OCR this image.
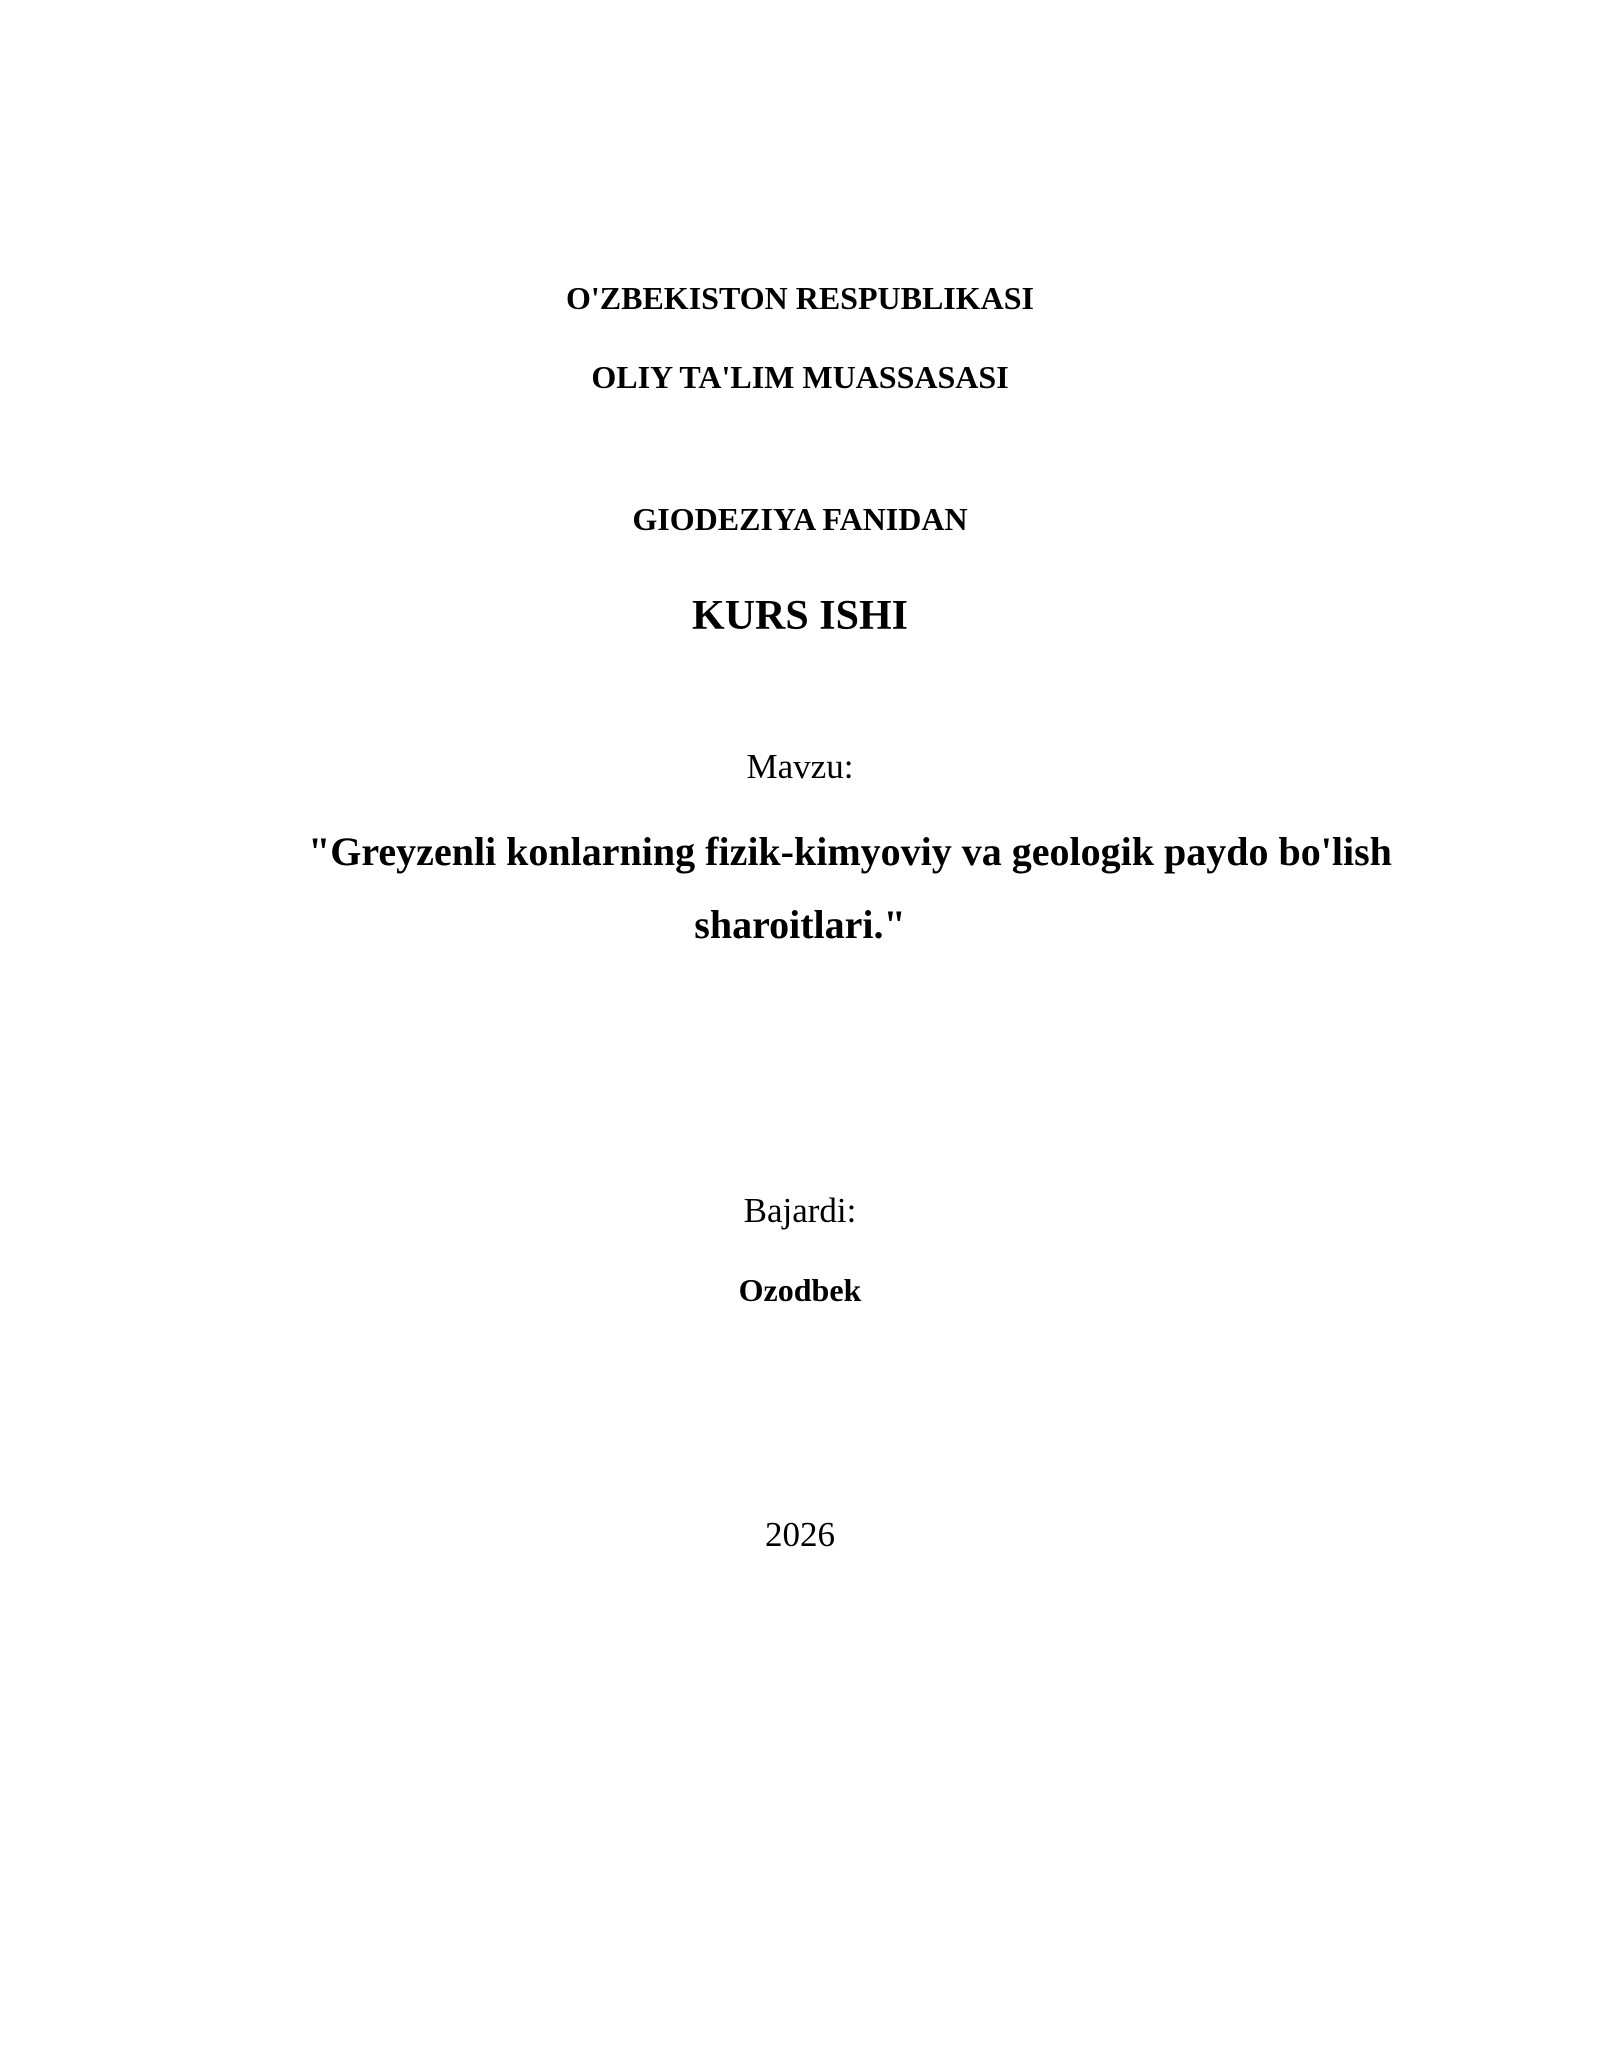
O'ZBEKISTON RESPUBLIKASI
OLIY TA'LIM MUASSASASI
GIODEZIYA FANIDAN
KURS ISHI
Mavzu:
"Greyzenli konlarning fizik-kimyoviy va geologik paydo bo'lish
sharoitlari."
Bajardi:
Ozodbek
2026
